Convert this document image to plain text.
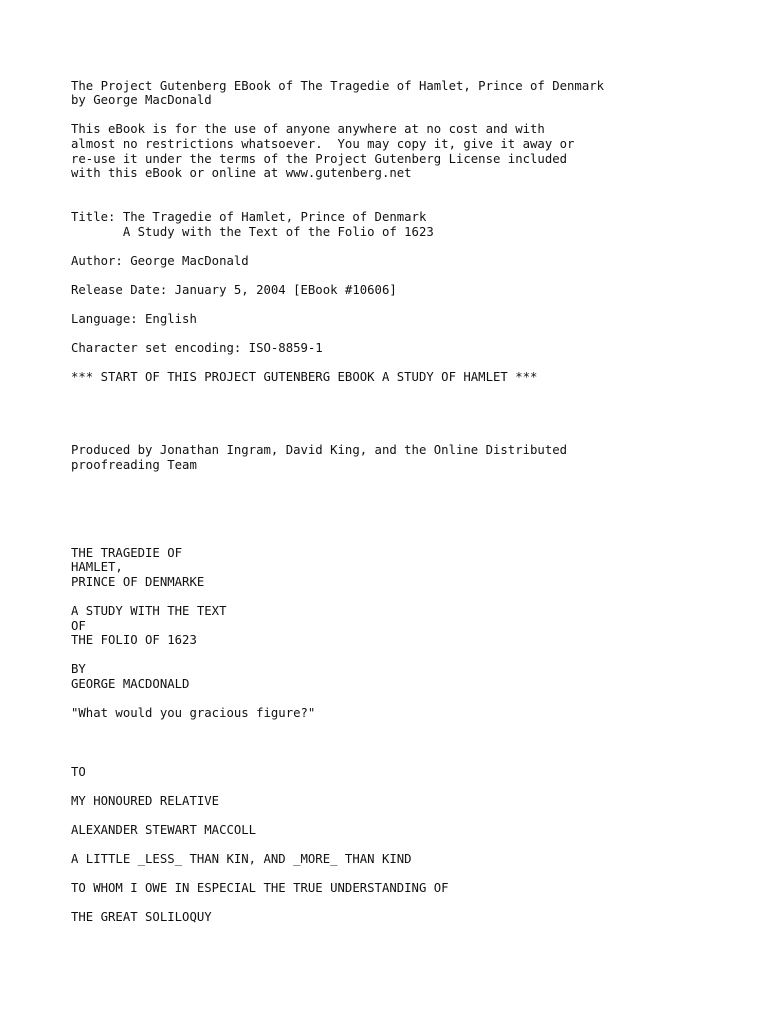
The Project Gutenberg EBook of The Tragedie of Hamlet, Prince of Denmark
by George MacDonald
This eBook is for the use of anyone anywhere at no cost and with
almost no restrictions whatsoever.  You may copy it, give it away or
re-use it under the terms of the Project Gutenberg License included
with this eBook or online at www.gutenberg.net
Title: The Tragedie of Hamlet, Prince of Denmark
A Study with the Text of the Folio of 1623
Author: George MacDonald
Release Date: January 5, 2004 [EBook #10606]
Language: English
Character set encoding: ISO-8859-1
*** START OF THIS PROJECT GUTENBERG EBOOK A STUDY OF HAMLET ***
Produced by Jonathan Ingram, David King, and the Online Distributed
proofreading Team
THE TRAGEDIE OF
HAMLET,
PRINCE OF DENMARKE
A STUDY WITH THE TEXT
OF
THE FOLIO OF 1623
BY
GEORGE MACDONALD
"What would you gracious figure?"
TO
MY HONOURED RELATIVE
ALEXANDER STEWART MACCOLL
A LITTLE _LESS_ THAN KIN, AND _MORE_ THAN KIND
TO WHOM I OWE IN ESPECIAL THE TRUE UNDERSTANDING OF
THE GREAT SOLILOQUY
